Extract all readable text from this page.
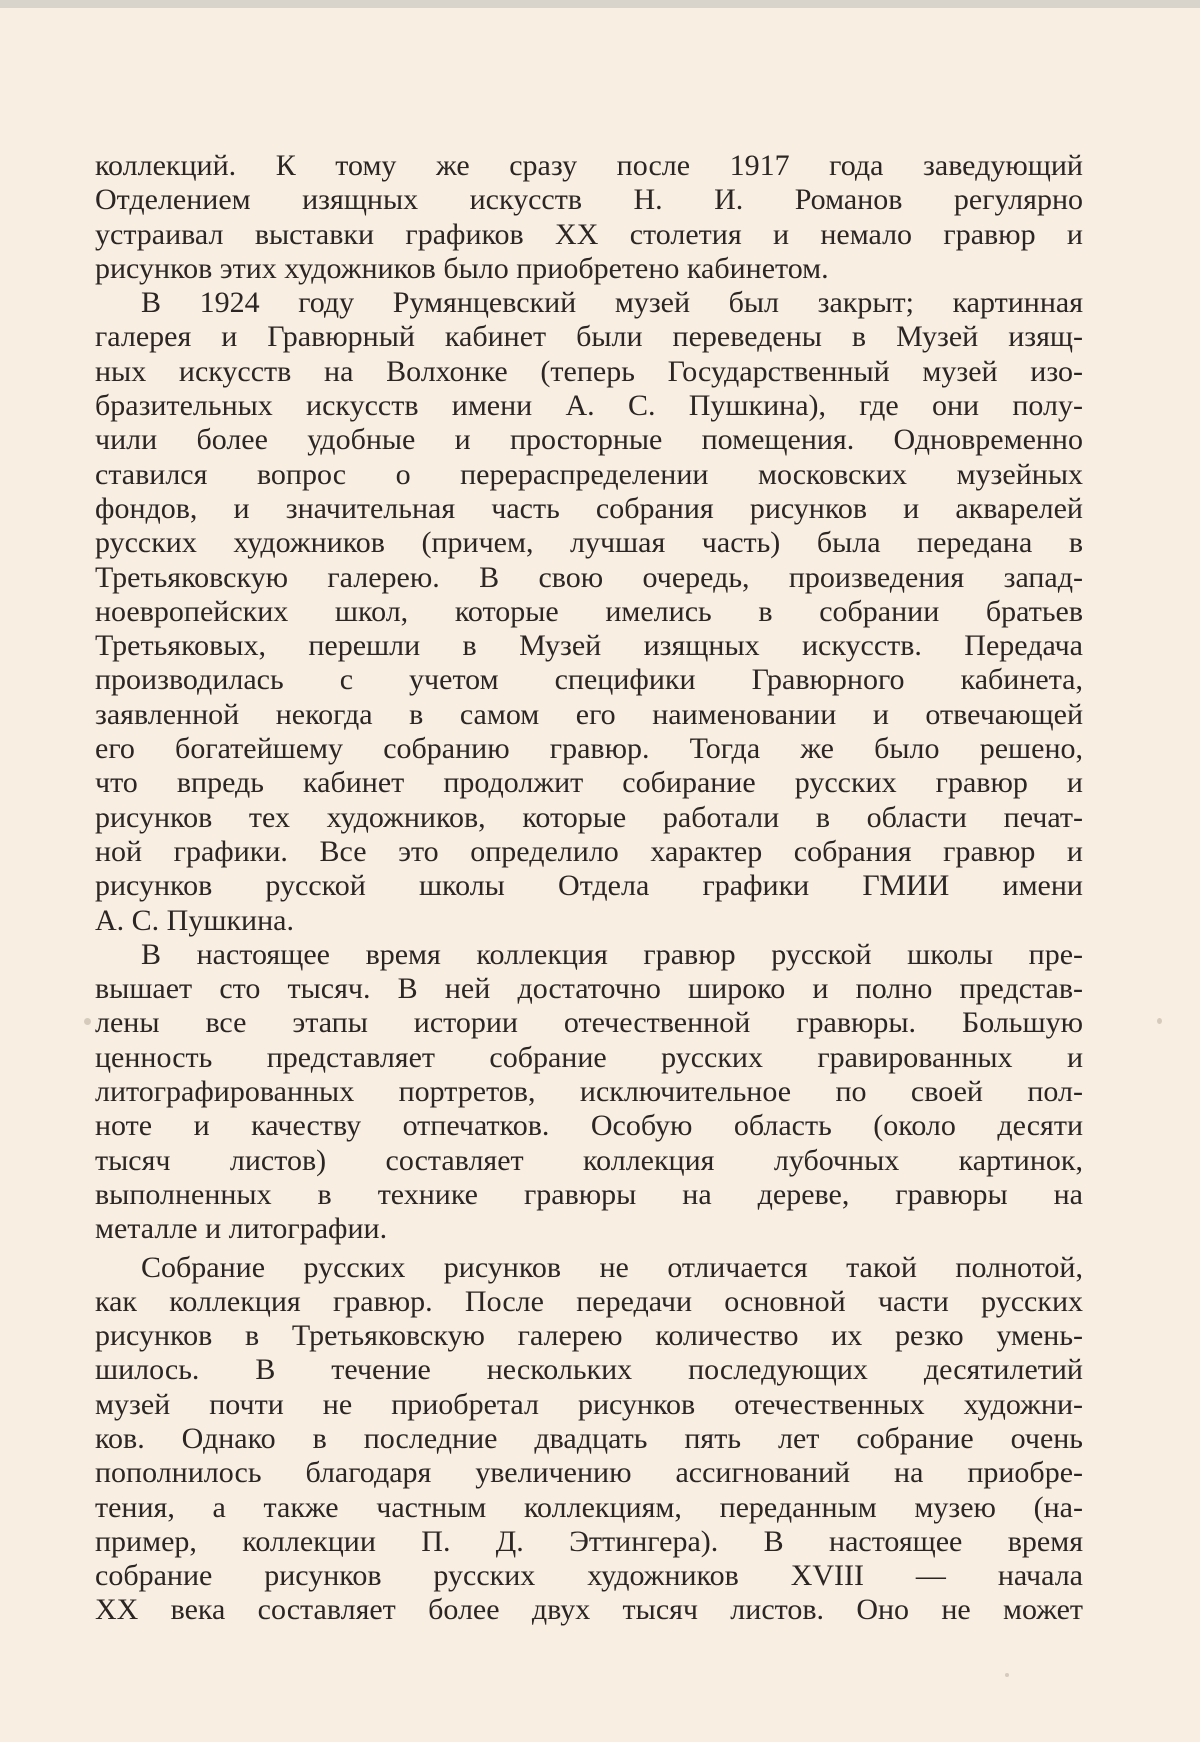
коллекций. К тому же сразу после 1917 года заведующий
Отделением изящных искусств Н. И. Романов регулярно
устраивал выставки графиков XX столетия и немало гравюр и
рисунков этих художников было приобретено кабинетом.
В 1924 году Румянцевский музей был закрыт; картинная
галерея и Гравюрный кабинет были переведены в Музей изящ-
ных искусств на Волхонке (теперь Государственный музей изо-
бразительных искусств имени А. С. Пушкина), где они полу-
чили более удобные и просторные помещения. Одновременно
ставился вопрос о перераспределении московских музейных
фондов, и значительная часть собрания рисунков и акварелей
русских художников (причем, лучшая часть) была передана в
Третьяковскую галерею. В свою очередь, произведения запад-
ноевропейских школ, которые имелись в собрании братьев
Третьяковых, перешли в Музей изящных искусств. Передача
производилась с учетом специфики Гравюрного кабинета,
заявленной некогда в самом его наименовании и отвечающей
его богатейшему собранию гравюр. Тогда же было решено,
что впредь кабинет продолжит собирание русских гравюр и
рисунков тех художников, которые работали в области печат-
ной графики. Все это определило характер собрания гравюр и
рисунков русской школы Отдела графики ГМИИ имени
А. С. Пушкина.
В настоящее время коллекция гравюр русской школы пре-
вышает сто тысяч. В ней достаточно широко и полно представ-
лены все этапы истории отечественной гравюры. Большую
ценность представляет собрание русских гравированных и
литографированных портретов, исключительное по своей пол-
ноте и качеству отпечатков. Особую область (около десяти
тысяч листов) составляет коллекция лубочных картинок,
выполненных в технике гравюры на дереве, гравюры на
металле и литографии.
Собрание русских рисунков не отличается такой полнотой,
как коллекция гравюр. После передачи основной части русских
рисунков в Третьяковскую галерею количество их резко умень-
шилось. В течение нескольких последующих десятилетий
музей почти не приобретал рисунков отечественных художни-
ков. Однако в последние двадцать пять лет собрание очень
пополнилось благодаря увеличению ассигнований на приобре-
тения, а также частным коллекциям, переданным музею (на-
пример, коллекции П. Д. Эттингера). В настоящее время
собрание рисунков русских художников XVIII — начала
XX века составляет более двух тысяч листов. Оно не может
